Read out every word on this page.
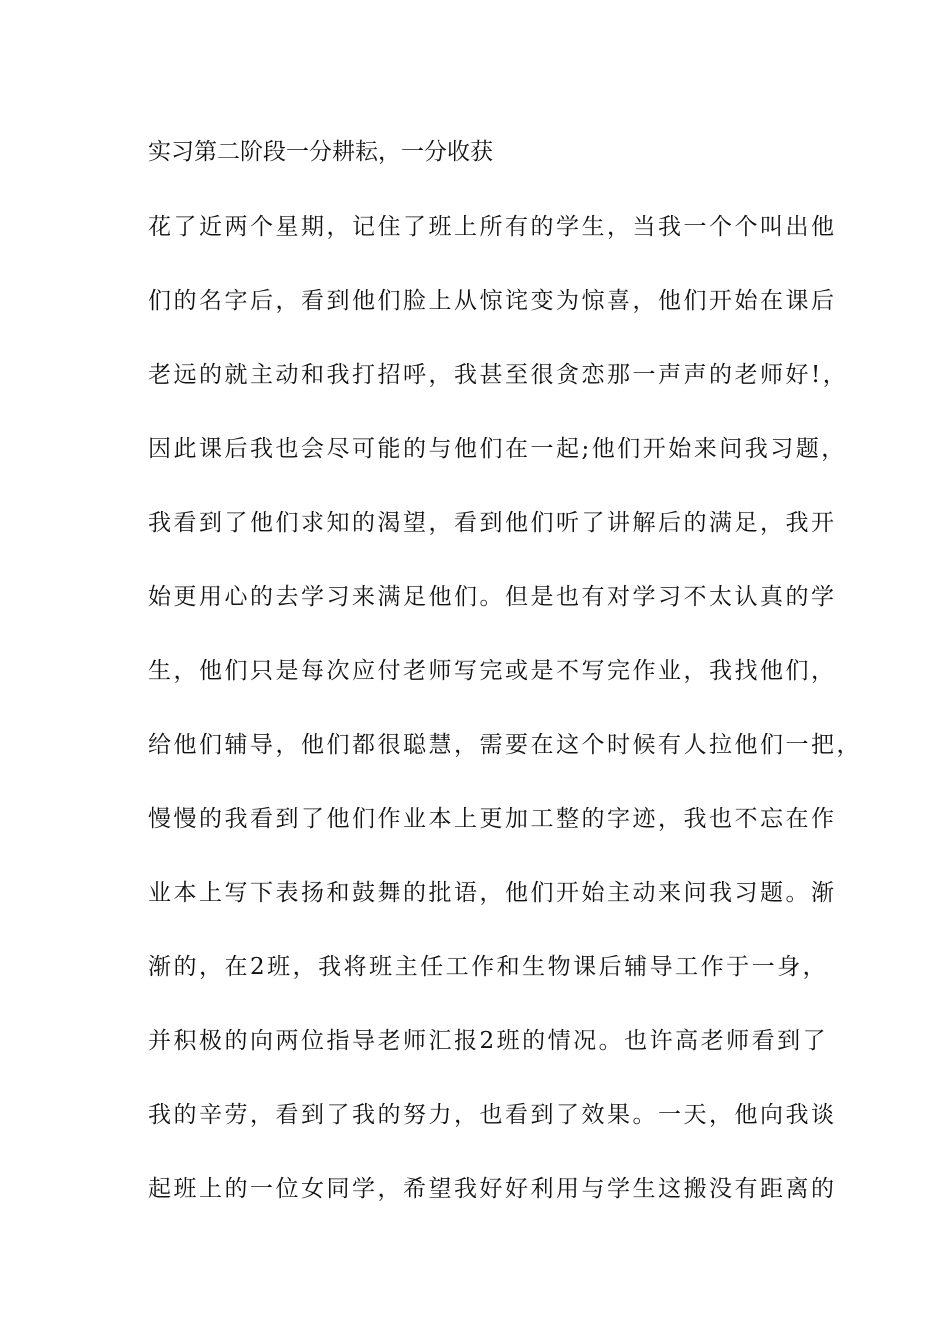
实习第二阶段一分耕耘，一分收获
花了近两个星期，记住了班上所有的学生，当我一个个叫出他
们的名字后，看到他们脸上从惊诧变为惊喜，他们开始在课后
老远的就主动和我打招呼，我甚至很贪恋那一声声的老师好!，
因此课后我也会尽可能的与他们在一起;他们开始来问我习题，
我看到了他们求知的渴望，看到他们听了讲解后的满足，我开
始更用心的去学习来满足他们。但是也有对学习不太认真的学
生，他们只是每次应付老师写完或是不写完作业，我找他们，
给他们辅导，他们都很聪慧，需要在这个时候有人拉他们一把，
慢慢的我看到了他们作业本上更加工整的字迹，我也不忘在作
业本上写下表扬和鼓舞的批语，他们开始主动来问我习题。渐
渐的，在2班，我将班主任工作和生物课后辅导工作于一身，
并积极的向两位指导老师汇报2班的情况。也许高老师看到了
我的辛劳，看到了我的努力，也看到了效果。一天，他向我谈
起班上的一位女同学，希望我好好利用与学生这搬没有距离的
